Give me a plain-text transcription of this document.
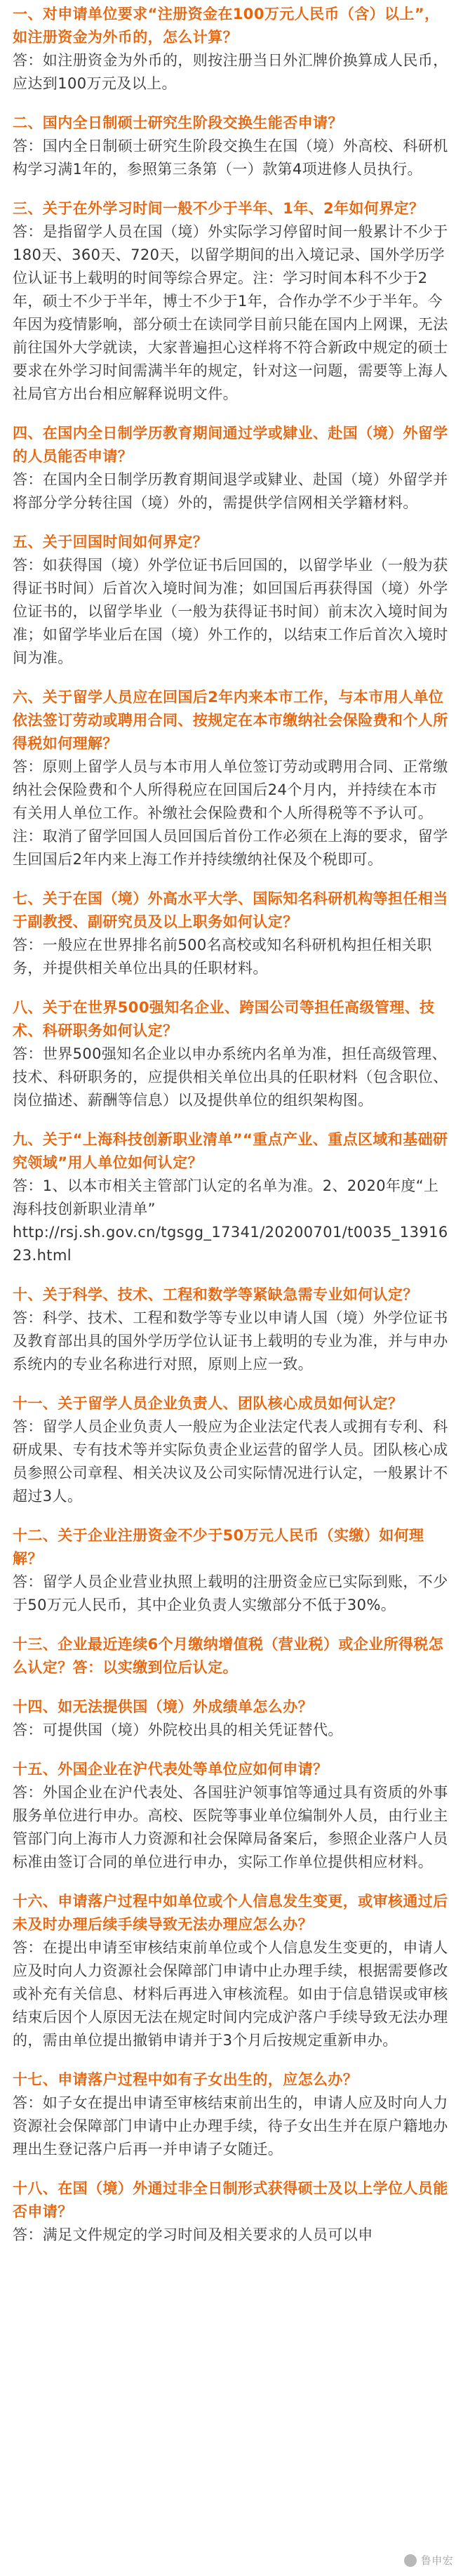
一、对申请单位要求“注册资金在100万元人民币（含）以上”，如注册资金为外币的，怎么计算？

答：如注册资金为外币的，则按注册当日外汇牌价换算成人民币，应达到100万元及以上。

二、国内全日制硕士研究生阶段交换生能否申请？

答：国内全日制硕士研究生阶段交换生在国（境）外高校、科研机构学习满1年的，参照第三条第（一）款第4项进修人员执行。

三、关于在外学习时间一般不少于半年、1年、2年如何界定？

答：是指留学人员在国（境）外实际学习停留时间一般累计不少于180天、360天、720天，以留学期间的出入境记录、国外学历学位认证书上载明的时间等综合界定。注：学习时间本科不少于2年，硕士不少于半年，博士不少于1年，合作办学不少于半年。今年因为疫情影响，部分硕士在读同学目前只能在国内上网课，无法前往国外大学就读，大家普遍担心这样将不符合新政中规定的硕士要求在外学习时间需满半年的规定，针对这一问题，需要等上海人社局官方出台相应解释说明文件。

四、在国内全日制学历教育期间通过学或肄业、赴国（境）外留学的人员能否申请？

答：在国内全日制学历教育期间退学或肄业、赴国（境）外留学并将部分学分转往国（境）外的，需提供学信网相关学籍材料。

五、关于回国时间如何界定？

答：如获得国（境）外学位证书后回国的，以留学毕业（一般为获得证书时间）后首次入境时间为准；如回国后再获得国（境）外学位证书的，以留学毕业（一般为获得证书时间）前末次入境时间为准；如留学毕业后在国（境）外工作的，以结束工作后首次入境时间为准。

六、关于留学人员应在回国后2年内来本市工作，与本市用人单位依法签订劳动或聘用合同、按规定在本市缴纳社会保险费和个人所得税如何理解？

答：原则上留学人员与本市用人单位签订劳动或聘用合同、正常缴纳社会保险费和个人所得税应在回国后24个月内，并持续在本市有关用人单位工作。补缴社会保险费和个人所得税等不予认可。注：取消了留学回国人员回国后首份工作必须在上海的要求，留学生回国后2年内来上海工作并持续缴纳社保及个税即可。

七、关于在国（境）外高水平大学、国际知名科研机构等担任相当于副教授、副研究员及以上职务如何认定？

答：一般应在世界排名前500名高校或知名科研机构担任相关职务，并提供相关单位出具的任职材料。

八、关于在世界500强知名企业、跨国公司等担任高级管理、技术、科研职务如何认定？

答：世界500强知名企业以申办系统内名单为准，担任高级管理、技术、科研职务的，应提供相关单位出具的任职材料（包含职位、岗位描述、薪酬等信息）以及提供单位的组织架构图。

九、关于“上海科技创新职业清单”“重点产业、重点区域和基础研究领域”用人单位如何认定？

答：1、以本市相关主管部门认定的名单为准。2、2020年度“上海科技创新职业清单”
http://rsj.sh.gov.cn/tgsgg_17341/20200701/t0035_1391623.html

十、关于科学、技术、工程和数学等紧缺急需专业如何认定？

答：科学、技术、工程和数学等专业以申请人国（境）外学位证书及教育部出具的国外学历学位认证书上载明的专业为准，并与申办系统内的专业名称进行对照，原则上应一致。

十一、关于留学人员企业负责人、团队核心成员如何认定？

答：留学人员企业负责人一般应为企业法定代表人或拥有专利、科研成果、专有技术等并实际负责企业运营的留学人员。团队核心成员参照公司章程、相关决议及公司实际情况进行认定，一般累计不超过3人。

十二、关于企业注册资金不少于50万元人民币（实缴）如何理解？

答：留学人员企业营业执照上载明的注册资金应已实际到账，不少于50万元人民币，其中企业负责人实缴部分不低于30%。

十三、企业最近连续6个月缴纳增值税（营业税）或企业所得税怎么认定？答：以实缴到位后认定。

十四、如无法提供国（境）外成绩单怎么办？

答：可提供国（境）外院校出具的相关凭证替代。

十五、外国企业在沪代表处等单位应如何申请？

答：外国企业在沪代表处、各国驻沪领事馆等通过具有资质的外事服务单位进行申办。高校、医院等事业单位编制外人员，由行业主管部门向上海市人力资源和社会保障局备案后，参照企业落户人员标准由签订合同的单位进行申办，实际工作单位提供相应材料。

十六、申请落户过程中如单位或个人信息发生变更，或审核通过后未及时办理后续手续导致无法办理应怎么办？

答：在提出申请至审核结束前单位或个人信息发生变更的，申请人应及时向人力资源社会保障部门申请中止办理手续，根据需要修改或补充有关信息、材料后再进入审核流程。如由于信息错误或审核结束后因个人原因无法在规定时间内完成沪落户手续导致无法办理的，需由单位提出撤销申请并于3个月后按规定重新申办。

十七、申请落户过程中如有子女出生的，应怎么办？

答：如子女在提出申请至审核结束前出生的，申请人应及时向人力资源社会保障部门申请中止办理手续，待子女出生并在原户籍地办理出生登记落户后再一并申请子女随迁。

十八、在国（境）外通过非全日制形式获得硕士及以上学位人员能否申请？

答：满足文件规定的学习时间及相关要求的人员可以申

鲁申宏
